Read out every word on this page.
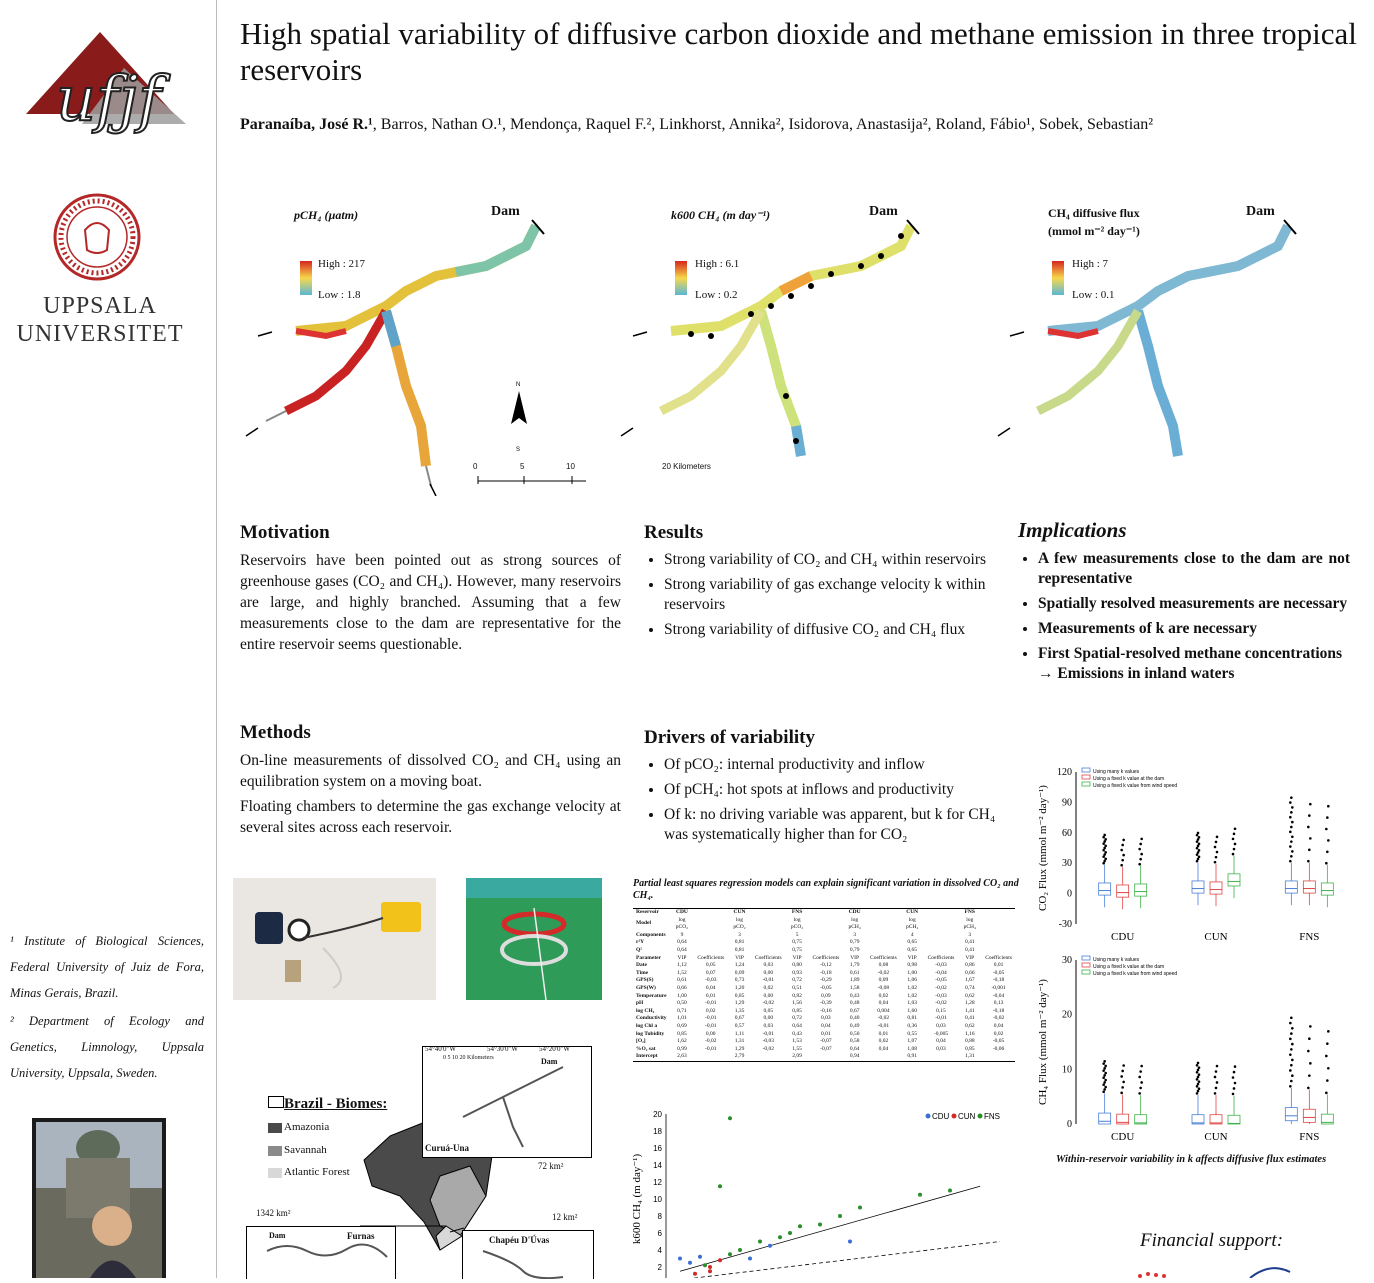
ufjf
UPPSALA
UNIVERSITET
¹ Institute of Biological Sciences, Federal University of Juiz de Fora, Minas Gerais, Brazil.
² Department of Ecology and Genetics, Limnology, Uppsala University, Uppsala, Sweden.
High spatial variability of diffusive carbon dioxide and methane emission in three tropical reservoirs
Paranaíba, José R.¹, Barros, Nathan O.¹, Mendonça, Raquel F.², Linkhorst, Annika², Isidorova, Anastasija², Roland, Fábio¹, Sobek, Sebastian²
pCH₄ (µatm)	Dam
High : 217
Low : 1.8
N
S
0	5	10	20 Kilometers
k600 CH₄ (m day⁻¹)	Dam
High : 6.1
Low : 0.2
CH₄ diffusive flux
(mmol m⁻² day⁻¹)
Dam
High : 7
Low : 0.1
Motivation
Reservoirs have been pointed out as strong sources of greenhouse gases (CO₂ and CH₄). However, many reservoirs are large, and highly branched. Assuming that a few measurements close to the dam are representative for the entire reservoir seems questionable.
Methods
On-line measurements of dissolved CO₂ and CH₄ using an equilibration system on a moving boat.
Floating chambers to determine the gas exchange velocity at several sites across each reservoir.
Results
• Strong variability of CO₂ and CH₄ within reservoirs
• Strong variability of gas exchange velocity k within reservoirs
• Strong variability of diffusive CO₂ and CH₄ flux
Drivers of variability
• Of pCO₂: internal productivity and inflow
• Of pCH₄: hot spots at inflows and productivity
• Of k: no driving variable was apparent, but k for CH₄ was systematically higher than for CO₂
Implications
• A few measurements close to the dam are not representative
• Spatially resolved measurements are necessary
• Measurements of k are necessary
• First Spatial-resolved methane concentrations → Emissions in inland waters
Brazil - Biomes:
Amazonia
Savannah
Atlantic Forest
54°40'0"W	54°30'0"W	54°20'0"W
0 5 10 20 Kilometers	Dam
Curuá-Una
72 km²
1342 km²
Dam	Furnas
12 km²
Chapéu D'Úvas
Partial least squares regression models can explain significant variation in dissolved CO₂ and CH₄.
Reservoir	CDU		CUN		FNS		CDU		CUN		FNS	
Model	log pCO₂		log pCO₂		log pCO₂		log pCH₄		log pCH₄		log pCH₄	
Components	9		3		5		3		4		3	
r²Y	0,64		0,81		0,75		0,79		0,65		0,41	
Q²	0,64		0,81		0,75		0,79		0,65		0,41	
Parameter	VIP	Coefficients	VIP	Coefficients	VIP	Coefficients	VIP	Coefficients	VIP	Coefficients	VIP	Coefficients
Date	1,12	0,05	1,24	0,03	0,80	-0,12	1,79	0,08	0,98	-0,03	0,86	0,01
Time	1,52	0,07	0,09	0,00	0,93	-0,18	0,61	-0,02	1,00	-0,04	0,66	-0,05
GPS(S)	0,61	-0,03	0,73	-0,01	0,72	-0,29	1,89	0,09	1,06	-0,05	1,67	-0,18
GPS(W)	0,66	0,04	1,20	0,02	0,51	-0,05	1,58	-0,08	1,02	-0,02	0,74	-0,001
Temperature	1,00	0,01	0,85	0,00	0,82	0,09	0,43	0,02	1,02	-0,03	0,62	-0,04
pH	0,50	-0,01	1,29	-0,02	1,56	-0,39	0,48	0,04	1,03	-0,02	1,28	0,13
log CH₄	0,71	0,02	1,35	0,05	0,85	-0,16	0,67	0,004	1,60	0,15	1,41	-0,18
Conductivity	1,01	-0,01	0,67	0,00	0,72	0,03	0,40	-0,02	0,81	-0,01	0,41	-0,02
log Chl a	0,69	-0,01	0,57	0,03	0,64	0,04	0,49	-0,01	0,36	0,03	0,62	0,04
log Tubidity	0,85	0,00	1,11	-0,01	0,43	0,01	0,50	0,01	0,55	-0,005	1,16	0,02
[O₂]	1,62	-0,02	1,31	-0,03	1,53	-0,07	0,58	0,02	1,07	0,04	0,88	-0,05
%O₂ sat	0,99	-0,01	1,29	-0,02	1,55	-0,07	0,64	0,04	1,08	0,03	0,85	-0,06
Intercept	2,63		2,79		2,09		0,94		0,91		1,31	
2
4
6
8
10
12
14
16
18
20
k600 CH₄ (m day⁻¹)
CDU CUN FNS
-30
0
30
60
90
120
CO₂ Flux (mmol m⁻² day⁻¹)
Using many k values
Using a fixed k value at the dam
Using a fixed k value from wind speed
CDU	CUN	FNS
0
10
20
30
CH₄ Flux (mmol m⁻² day⁻¹)
Using many k values
Using a fixed k value at the dam
Using a fixed k value from wind speed
CDU	CUN	FNS
Within-reservoir variability in k affects diffusive flux estimates
Financial support:
